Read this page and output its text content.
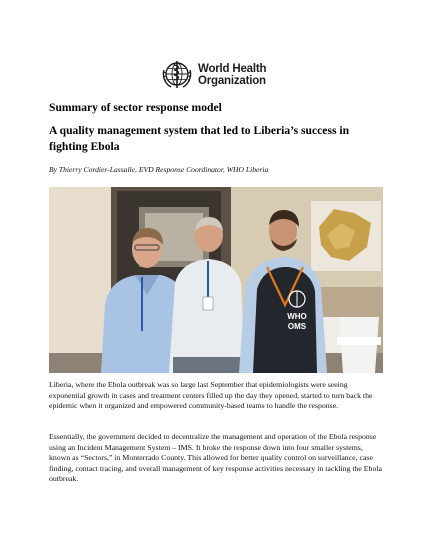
World Health
Organization
Summary of sector response model
A quality management system that led to Liberia’s success in fighting Ebola

By Thierry Cordier-Lassalle, EVD Response Coordinator, WHO Liberia

WHO
OMS

Liberia, where the Ebola outbreak was so large last September that epidemiologists were seeing exponential growth in cases and treatment centers filled up the day they opened, started to turn back the epidemic when it organized and empowered community-based teams to handle the response.

Essentially, the government decided to decentralize the management and operation of the Ebola response using an Incident Management System – IMS. It broke the response down into four smaller systems, known as “Sectors,” in Monterrado County. This allowed for better quality control on surveillance, case finding, contact tracing, and overall management of key response activities necessary in tackling the Ebola outbreak.
